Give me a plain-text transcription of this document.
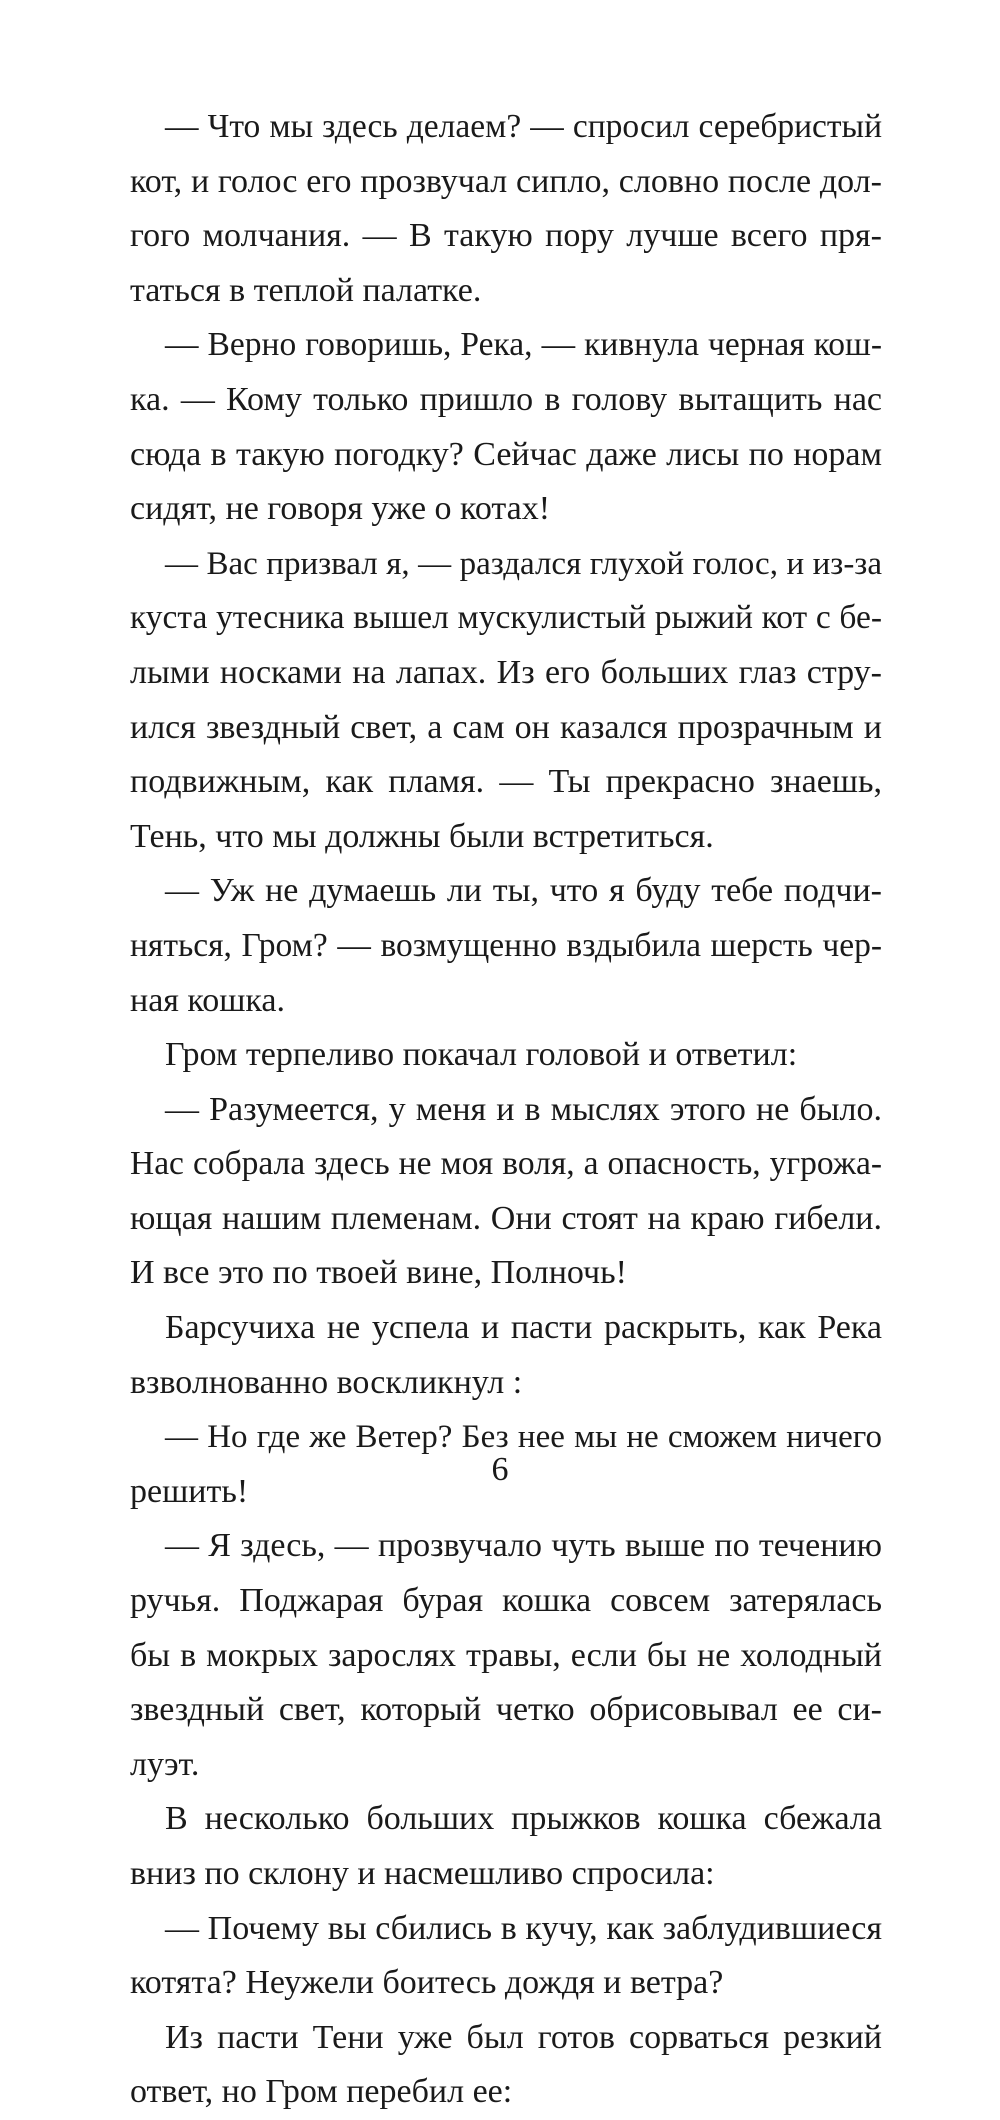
— Что мы здесь делаем? — спросил серебристый
кот, и голос его прозвучал сипло, словно после дол-
гого молчания. — В такую пору лучше всего пря-
таться в теплой палатке.
— Верно говоришь, Река, — кивнула черная кош-
ка. — Кому только пришло в голову вытащить нас
сюда в такую погодку? Сейчас даже лисы по норам
сидят, не говоря уже о котах!
— Вас призвал я, — раздался глухой голос, и из-за
куста утесника вышел мускулистый рыжий кот с бе-
лыми носками на лапах. Из его больших глаз стру-
ился звездный свет, а сам он казался прозрачным и
подвижным, как пламя. — Ты прекрасно знаешь,
Тень, что мы должны были встретиться.
— Уж не думаешь ли ты, что я буду тебе подчи-
няться, Гром? — возмущенно вздыбила шерсть чер-
ная кошка.
Гром терпеливо покачал головой и ответил:
— Разумеется, у меня и в мыслях этого не было.
Нас собрала здесь не моя воля, а опасность, угрожа-
ющая нашим племенам. Они стоят на краю гибели.
И все это по твоей вине, Полночь!
Барсучиха не успела и пасти раскрыть, как Река
взволнованно воскликнул :
— Но где же Ветер? Без нее мы не сможем ничего
решить!
— Я здесь, — прозвучало чуть выше по течению
ручья. Поджарая бурая кошка совсем затерялась
бы в мокрых зарослях травы, если бы не холодный
звездный свет, который четко обрисовывал ее си-
луэт.
В несколько больших прыжков кошка сбежала
вниз по склону и насмешливо спросила:
— Почему вы сбились в кучу, как заблудившиеся
котята? Неужели боитесь дождя и ветра?
Из пасти Тени уже был готов сорваться резкий
ответ, но Гром перебил ее:
6
